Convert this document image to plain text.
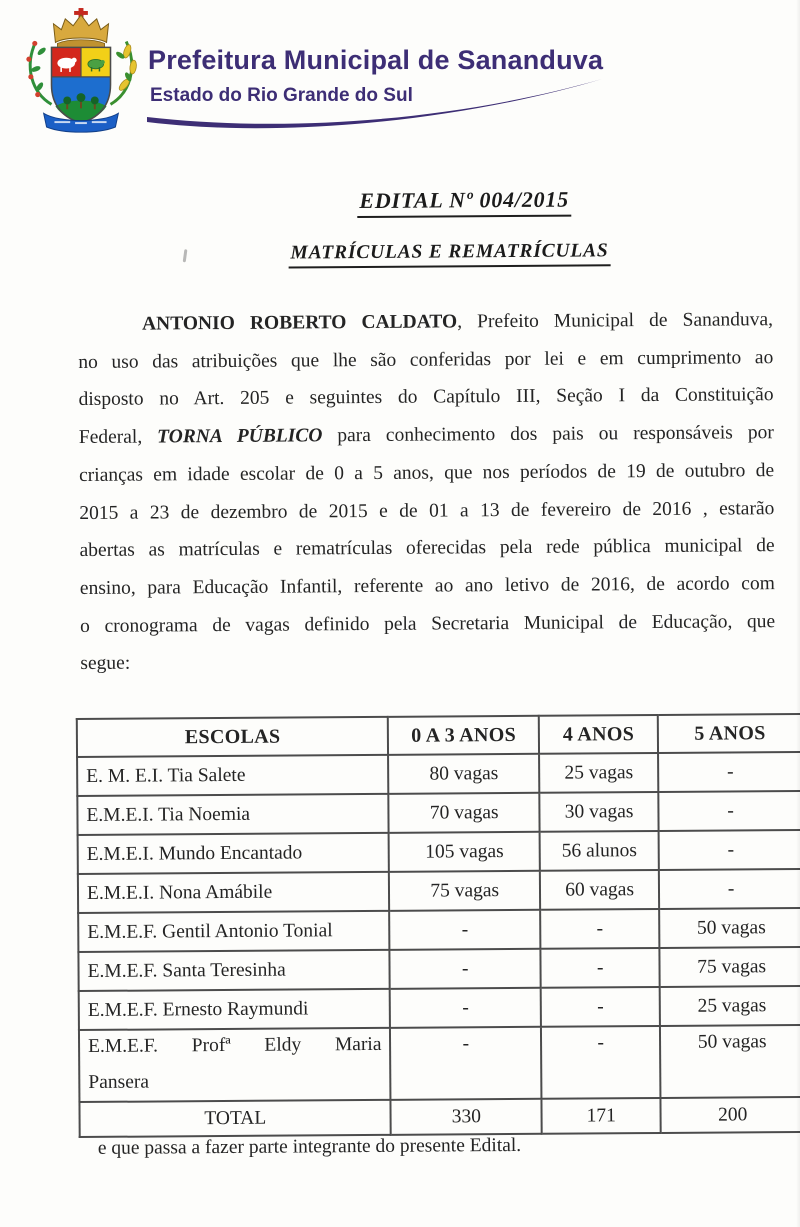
Prefeitura Municipal de Sananduva
Estado do Rio Grande do Sul
EDITAL Nº 004/2015
MATRÍCULAS E REMATRÍCULAS
ANTONIO ROBERTO CALDATO, Prefeito Municipal de Sananduva,
no uso das atribuições que lhe são conferidas por lei e em cumprimento ao
disposto no Art. 205 e seguintes do Capítulo III, Seção I da Constituição
Federal, TORNA PÚBLICO para conhecimento dos pais ou responsáveis por
crianças em idade escolar de 0 a 5 anos, que nos períodos de 19 de outubro de
2015 a 23 de dezembro de 2015 e de 01 a 13 de fevereiro de 2016 , estarão
abertas as matrículas e rematrículas oferecidas pela rede pública municipal de
ensino, para Educação Infantil, referente ao ano letivo de 2016, de acordo com
o cronograma de vagas definido pela Secretaria Municipal de Educação, que
segue:
ESCOLAS	0 A 3 ANOS	4 ANOS	5 ANOS
E. M. E.I. Tia Salete	80 vagas	25 vagas	-
E.M.E.I. Tia Noemia	70 vagas	30 vagas	-
E.M.E.I. Mundo Encantado	105 vagas	56 alunos	-
E.M.E.I. Nona Amábile	75 vagas	60 vagas	-
E.M.E.F. Gentil Antonio Tonial	-	-	50 vagas
E.M.E.F. Santa Teresinha	-	-	75 vagas
E.M.E.F. Ernesto Raymundi	-	-	25 vagas

E.M.E.F. Profª Eldy Maria
Pansera	-	-	50 vagas
TOTAL	330	171	200
e que passa a fazer parte integrante do presente Edital.
